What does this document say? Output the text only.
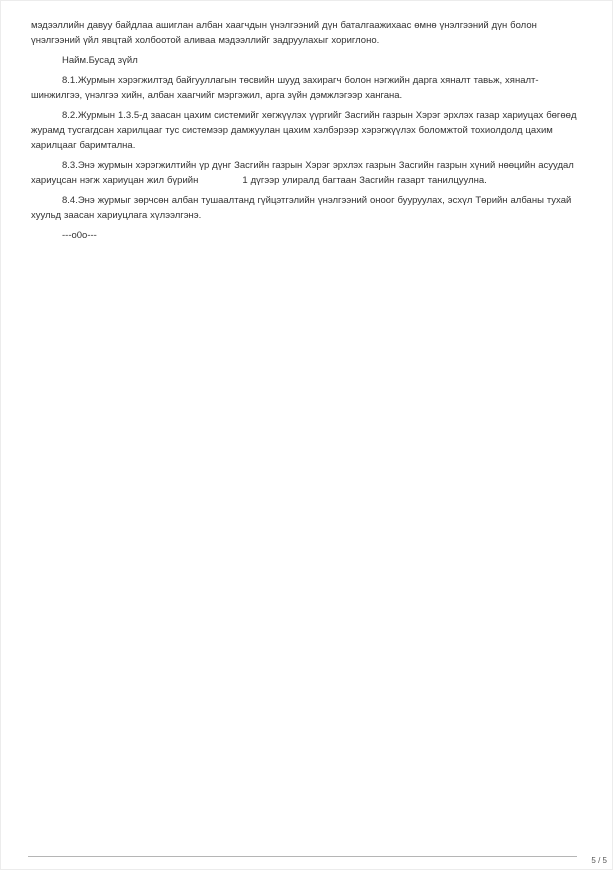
мэдээллийн давуу байдлаа ашиглан албан хаагчдын үнэлгээний дүн баталгаажихаас өмнө үнэлгээний дүн болон үнэлгээний үйл явцтай холбоотой аливаа мэдээллийг задруулахыг хориглоно.

Найм.Бусад зүйл

8.1.Журмын хэрэгжилтэд байгууллагын төсвийн шууд захирагч болон нэгжийн дарга хяналт тавьж, хяналт-шинжилгээ, үнэлгээ хийн, албан хаагчийг мэргэжил, арга зүйн дэмжлэгээр хангана.

8.2.Журмын 1.3.5-д заасан цахим системийг хөгжүүлэх үүргийг Засгийн газрын Хэрэг эрхлэх газар хариуцах бөгөөд журамд тусгагдсан харилцааг тус системээр дамжуулан цахим хэлбэрээр хэрэгжүүлэх боломжтой тохиолдолд цахим харилцааг баримтална.

8.3.Энэ журмын хэрэгжилтийн үр дүнг Засгийн газрын Хэрэг эрхлэх газрын Засгийн газрын хүний нөөцийн асуудал хариуцсан нэгж хариуцан жил бүрийн               1 дүгээр улиралд багтаан Засгийн газарт танилцуулна.

8.4.Энэ журмыг зөрчсөн албан тушаалтанд гүйцэтгэлийн үнэлгээний оноог бууруулах, эсхүл Төрийн албаны тухай хуульд заасан хариуцлага хүлээлгэнэ.

---о0о---

5 / 5
